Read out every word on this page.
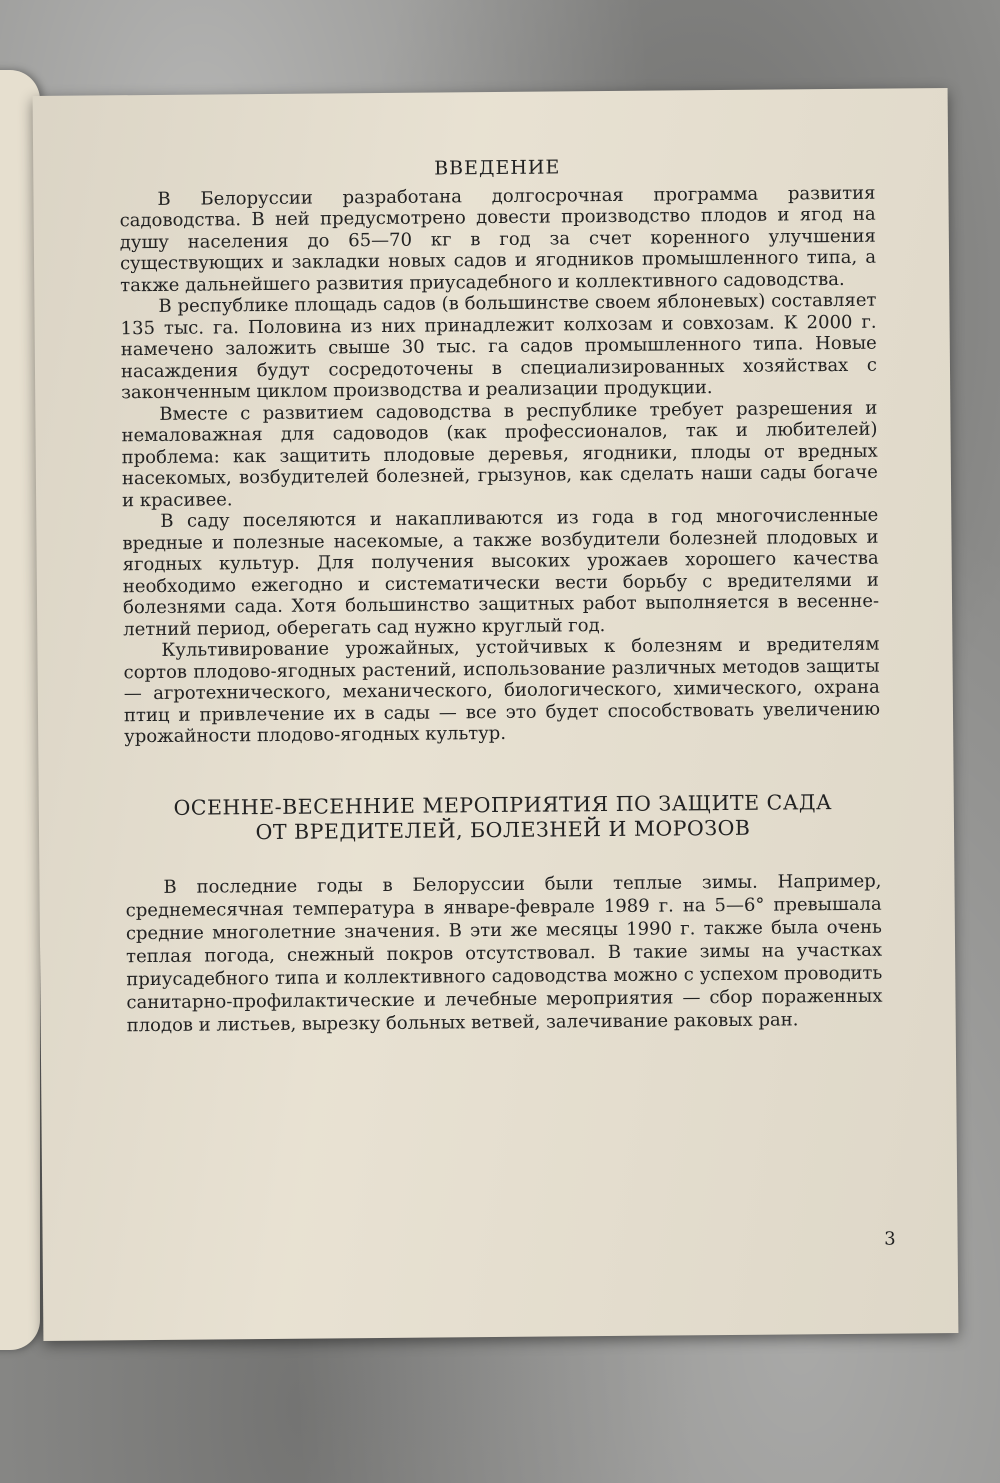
ВВЕДЕНИЕ

В Белоруссии разработана долгосрочная программа развития садоводства. В ней предусмотрено довести производство плодов и ягод на душу населения до 65—70 кг в год за счет коренного улучшения существующих и закладки новых садов и ягодников промышленного типа, а также дальнейшего развития приусадебного и коллективного садоводства.

В республике площадь садов (в большинстве своем яблоневых) составляет 135 тыс. га. Половина из них принадлежит колхозам и совхозам. К 2000 г. намечено заложить свыше 30 тыс. га садов промышленного типа. Новые насаждения будут сосредоточены в специализированных хозяйствах с законченным циклом производства и реализации продукции.

Вместе с развитием садоводства в республике требует разрешения и немаловажная для садоводов (как профессионалов, так и любителей) проблема: как защитить плодовые деревья, ягодники, плоды от вредных насекомых, возбудителей болезней, грызунов, как сделать наши сады богаче и красивее.

В саду поселяются и накапливаются из года в год многочисленные вредные и полезные насекомые, а также возбудители болезней плодовых и ягодных культур. Для получения высоких урожаев хорошего качества необходимо ежегодно и систематически вести борьбу с вредителями и болезнями сада. Хотя большинство защитных работ выполняется в весенне-летний период, оберегать сад нужно круглый год.

Культивирование урожайных, устойчивых к болезням и вредителям сортов плодово-ягодных растений, использование различных методов защиты — агротехнического, механического, биологического, химического, охрана птиц и привлечение их в сады — все это будет способствовать увеличению урожайности плодово-ягодных культур.

ОСЕННЕ-ВЕСЕННИЕ МЕРОПРИЯТИЯ ПО ЗАЩИТЕ САДА
ОТ ВРЕДИТЕЛЕЙ, БОЛЕЗНЕЙ И МОРОЗОВ

В последние годы в Белоруссии были теплые зимы. Например, среднемесячная температура в январе-феврале 1989 г. на 5—6° превышала средние многолетние значения. В эти же месяцы 1990 г. также была очень теплая погода, снежный покров отсутствовал. В такие зимы на участках приусадебного типа и коллективного садоводства можно с успехом проводить санитарно-профилактические и лечебные мероприятия — сбор пораженных плодов и листьев, вырезку больных ветвей, залечивание раковых ран.

3
